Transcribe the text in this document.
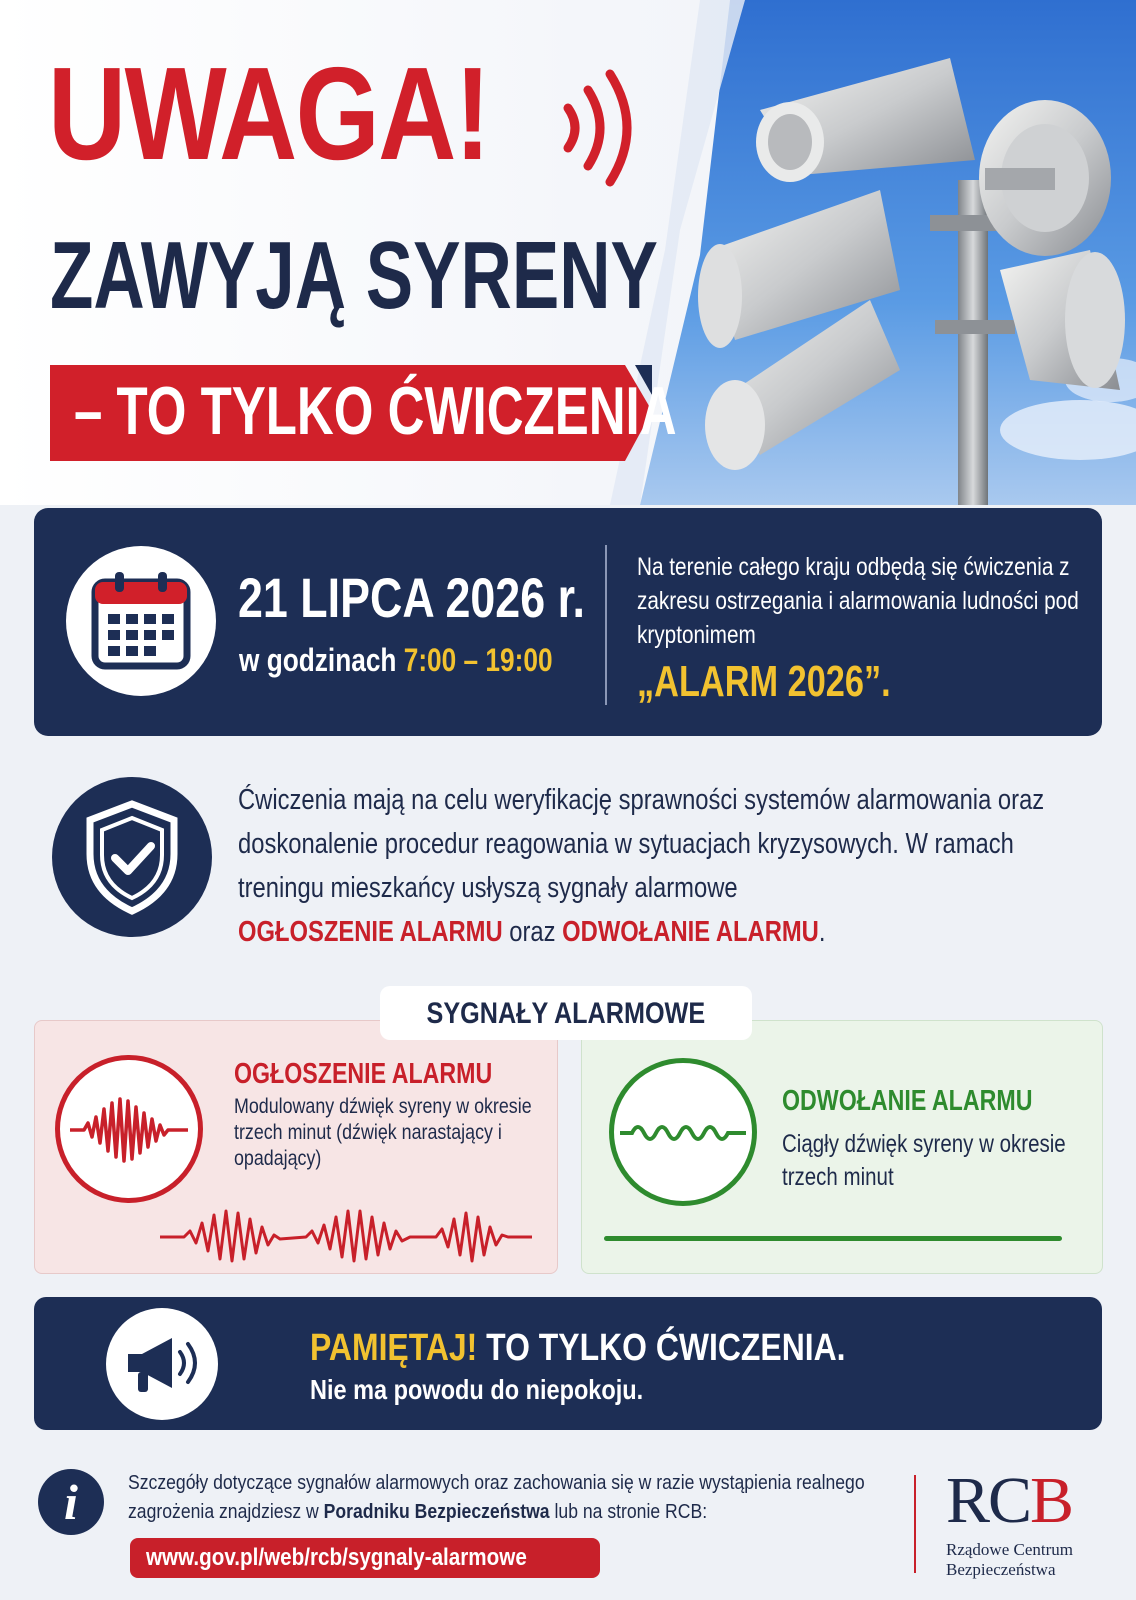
UWAGA!
ZAWYJĄ SYRENY
– TO TYLKO ĆWICZENIA
21 LIPCA 2026 r.
w godzinach 7:00 – 19:00
Na terenie całego kraju odbędą się ćwiczenia z zakresu ostrzegania i alarmowania ludności pod kryptonimem
„ALARM 2026”.
Ćwiczenia mają na celu weryfikację sprawności systemów alarmowania oraz doskonalenie procedur reagowania w sytuacjach kryzysowych. W ramach treningu mieszkańcy usłyszą sygnały alarmowe
OGŁOSZENIE ALARMU oraz ODWOŁANIE ALARMU.
SYGNAŁY ALARMOWE
OGŁOSZENIE ALARMU
Modulowany dźwięk syreny w okresie trzech minut (dźwięk narastający i opadający)
ODWOŁANIE ALARMU
Ciągły dźwięk syreny w okresie trzech minut
PAMIĘTAJ! TO TYLKO ĆWICZENIA.
Nie ma powodu do niepokoju.
i	Szczegóły dotyczące sygnałów alarmowych oraz zachowania się w razie wystąpienia realnego zagrożenia znajdziesz w Poradniku Bezpieczeństwa lub na stronie RCB:
www.gov.pl/web/rcb/sygnaly-alarmowe
RCB
Rządowe Centrum Bezpieczeństwa
